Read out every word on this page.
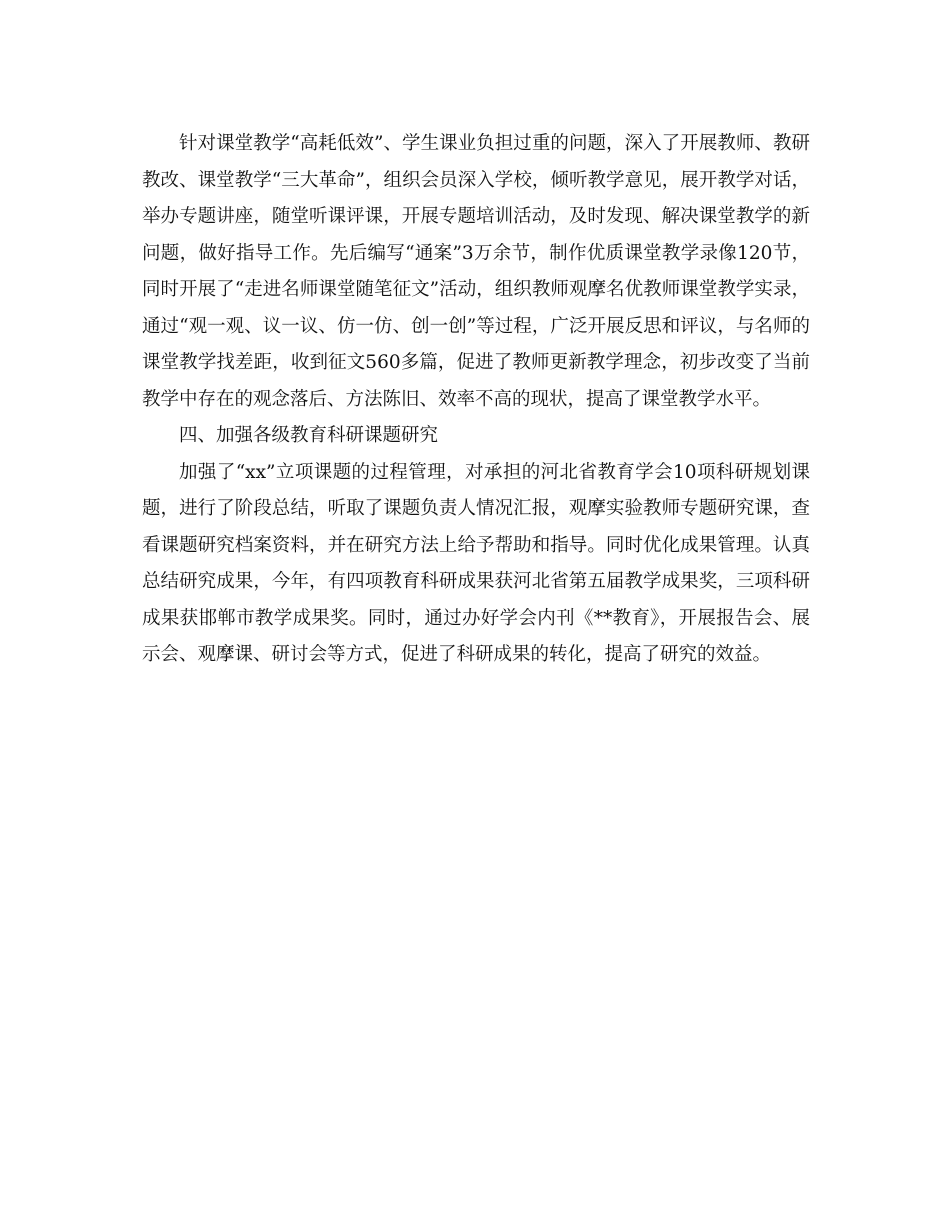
针对课堂教学“高耗低效”、学生课业负担过重的问题，深入了开展教师、教研教改、课堂教学“三大革命”，组织会员深入学校，倾听教学意见，展开教学对话，举办专题讲座，随堂听课评课，开展专题培训活动，及时发现、解决课堂教学的新问题，做好指导工作。先后编写“通案”3万余节，制作优质课堂教学录像120节，同时开展了“走进名师课堂随笔征文”活动，组织教师观摩名优教师课堂教学实录，通过“观一观、议一议、仿一仿、创一创”等过程，广泛开展反思和评议，与名师的课堂教学找差距，收到征文560多篇，促进了教师更新教学理念，初步改变了当前教学中存在的观念落后、方法陈旧、效率不高的现状，提高了课堂教学水平。

四、加强各级教育科研课题研究

加强了“xx”立项课题的过程管理，对承担的河北省教育学会10项科研规划课题，进行了阶段总结，听取了课题负责人情况汇报，观摩实验教师专题研究课，查看课题研究档案资料，并在研究方法上给予帮助和指导。同时优化成果管理。认真总结研究成果，今年，有四项教育科研成果获河北省第五届教学成果奖，三项科研成果获邯郸市教学成果奖。同时，通过办好学会内刊《**教育》，开展报告会、展示会、观摩课、研讨会等方式，促进了科研成果的转化，提高了研究的效益。
